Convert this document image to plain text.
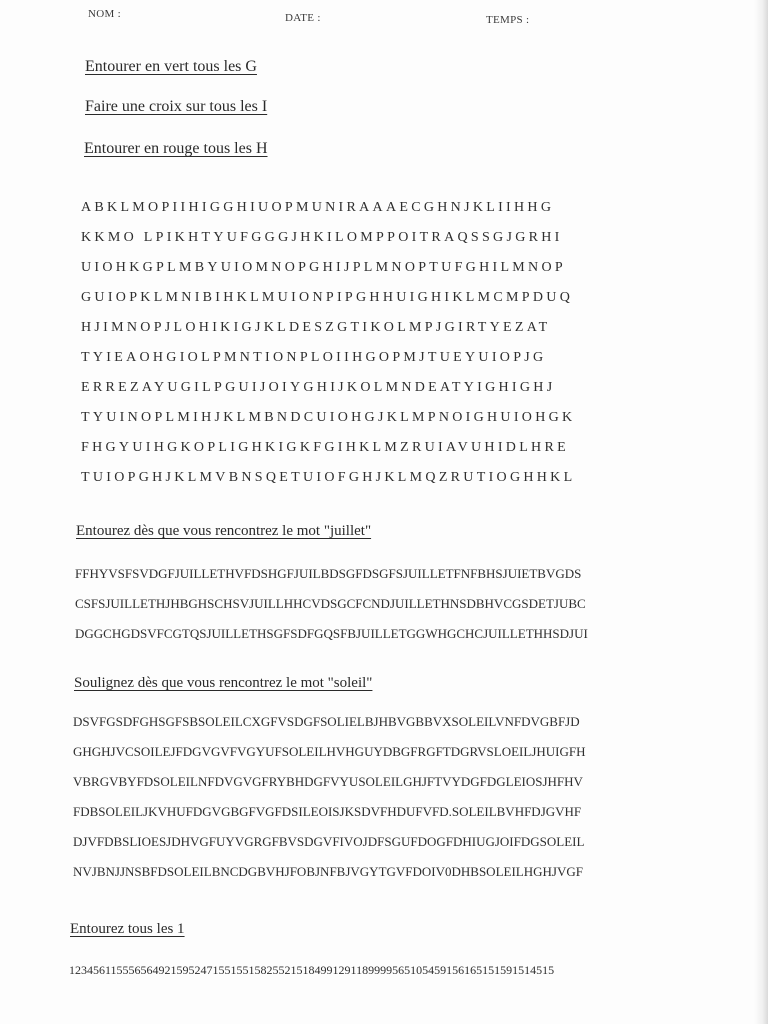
NOM :	DATE :	TEMPS :
Entourer en vert tous les G
Faire une croix sur tous les I
Entourer en rouge tous les H
ABKLMOPIIHIGGHIUOPMUNIRAAAECGHNJKLIIHHG
KKMO LPIKHTYUFGGGJHKILOMPPOITRAQSSGJGRHI
UIOHKGPLMBYUIOMNOPGHIJPLMNOPTUFGHILMNOP
GUIOPKLMNIBIHKLMUIONPIPGHHUIGHIKLMCMPDUQ
HJIMNOPJLOHIKIGJKLDESZGTIKOLMPJGIRTYEZAT
TYIEAOHGIOLPMNTIONPLOIIHGOPMJTUEYUIOPJG
ERREZAYUGILPGUIJOIYGHIJKOLMNDEATYIGHIGHJ
TYUINOPLMIHJKLMBNDCUIOHGJKLMPNOIGHUIOHGK
FHGYUIHGKOPLIGHKIGKFGIHKLMZRUIAVUHIDLHRE
TUIOPGHJKLMVBNSQETUIOFGHJKLMQZRUTIOGHHKL
Entourez dès que vous rencontrez le mot "juillet"
FFHYVSFSVDGFJUILLETHVFDSHGFJUILBDSGFDSGFSJUILLETFNFBHSJUIETBVGDS
CSFSJUILLETHJHBGHSCHSVJUILLHHCVDSGCFCNDJUILLETHNSDBHVCGSDETJUBC
DGGCHGDSVFCGTQSJUILLETHSGFSDFGQSFBJUILLETGGWHGCHCJUILLETHHSDJUI
Soulignez dès que vous rencontrez le mot "soleil"
DSVFGSDFGHSGFSBSOLEILCXGFVSDGFSOLIELBJHBVGBBVXSOLEILVNFDVGBFJD
GHGHJVCSOILEJFDGVGVFVGYUFSOLEILHVHGUYDBGFRGFTDGRVSLOEILJHUIGFH
VBRGVBYFDSOLEILNFDVGVGFRYBHDGFVYUSOLEILGHJFTVYDGFDGLEIOSJHFHV
FDBSOLEILJKVHUFDGVGBGFVGFDSILEOISJKSDVFHDUFVFD.SOLEILBVHFDJGVHF
DJVFDBSLIOESJDHVGFUYVGRGFBVSDGVFIVOJDFSGUFDOGFDHIUGJOIFDGSOLEIL
NVJBNJJNSBFDSOLEILBNCDGBVHJFOBJNFBJVGYTGVFDOIV0DHBSOLEILHGHJVGF
Entourez tous les 1
123456115556564921595247155155158255215184991291189999565105459156165151591514515
